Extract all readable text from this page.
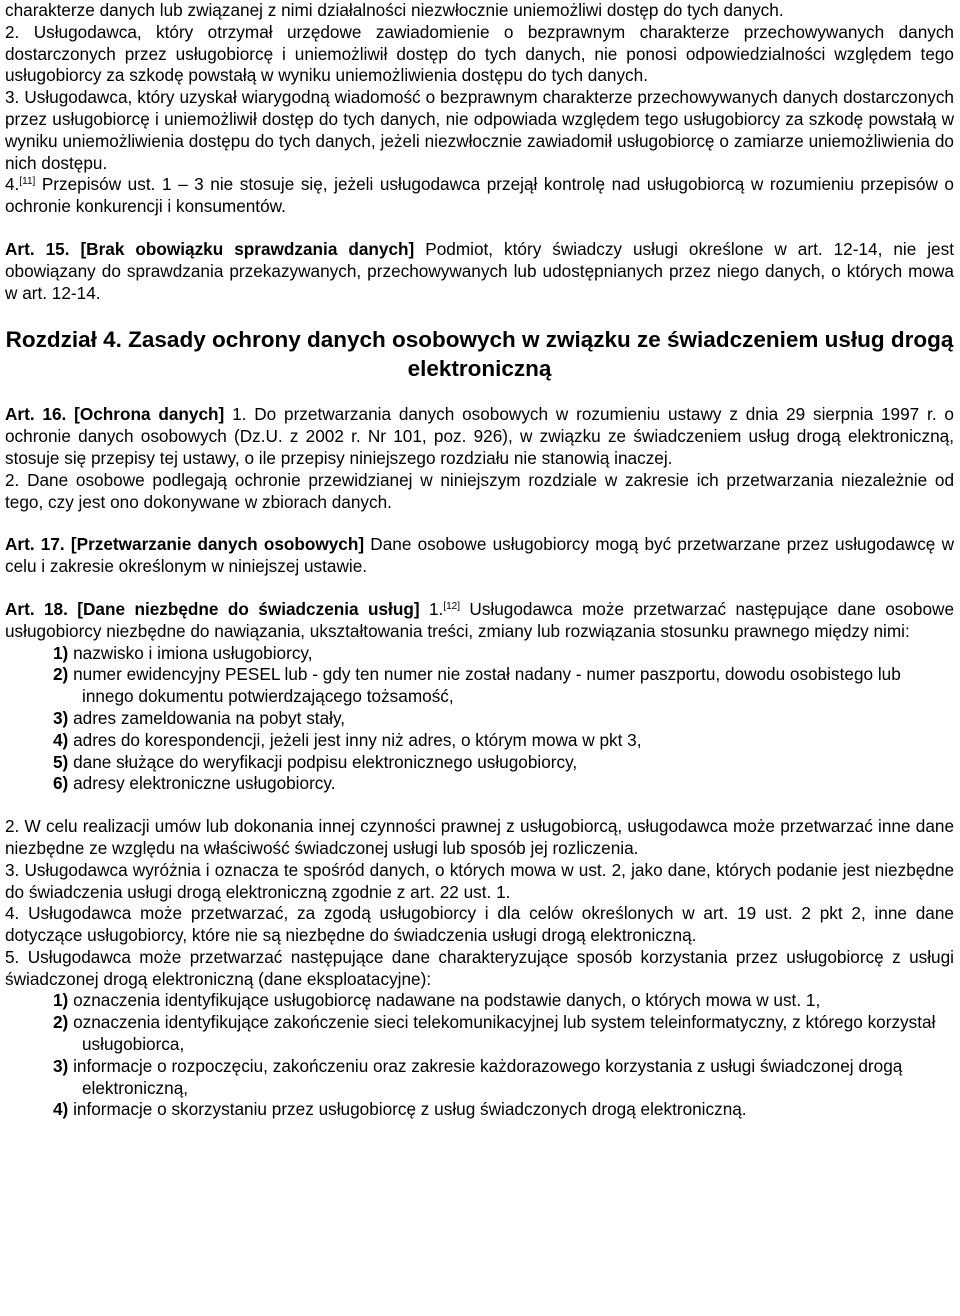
charakterze danych lub związanej z nimi działalności niezwłocznie uniemożliwi dostęp do tych danych.

2. Usługodawca, który otrzymał urzędowe zawiadomienie o bezprawnym charakterze przechowywanych danych dostarczonych przez usługobiorcę i uniemożliwił dostęp do tych danych, nie ponosi odpowiedzialności względem tego usługobiorcy za szkodę powstałą w wyniku uniemożliwienia dostępu do tych danych.

3. Usługodawca, który uzyskał wiarygodną wiadomość o bezprawnym charakterze przechowywanych danych dostarczonych przez usługobiorcę i uniemożliwił dostęp do tych danych, nie odpowiada względem tego usługobiorcy za szkodę powstałą w wyniku uniemożliwienia dostępu do tych danych, jeżeli niezwłocznie zawiadomił usługobiorcę o zamiarze uniemożliwienia do nich dostępu.

4.[11] Przepisów ust. 1 – 3 nie stosuje się, jeżeli usługodawca przejął kontrolę nad usługobiorcą w rozumieniu przepisów o ochronie konkurencji i konsumentów.

Art. 15. [Brak obowiązku sprawdzania danych] Podmiot, który świadczy usługi określone w art. 12-14, nie jest obowiązany do sprawdzania przekazywanych, przechowywanych lub udostępnianych przez niego danych, o których mowa w art. 12-14.

Rozdział 4. Zasady ochrony danych osobowych w związku ze świadczeniem usług drogą elektroniczną

Art. 16. [Ochrona danych] 1. Do przetwarzania danych osobowych w rozumieniu ustawy z dnia 29 sierpnia 1997 r. o ochronie danych osobowych (Dz.U. z 2002 r. Nr 101, poz. 926), w związku ze świadczeniem usług drogą elektroniczną, stosuje się przepisy tej ustawy, o ile przepisy niniejszego rozdziału nie stanowią inaczej.

2. Dane osobowe podlegają ochronie przewidzianej w niniejszym rozdziale w zakresie ich przetwarzania niezależnie od tego, czy jest ono dokonywane w zbiorach danych.

Art. 17. [Przetwarzanie danych osobowych] Dane osobowe usługobiorcy mogą być przetwarzane przez usługodawcę w celu i zakresie określonym w niniejszej ustawie.

Art. 18. [Dane niezbędne do świadczenia usług] 1.[12] Usługodawca może przetwarzać następujące dane osobowe usługobiorcy niezbędne do nawiązania, ukształtowania treści, zmiany lub rozwiązania stosunku prawnego między nimi:

1) nazwisko i imiona usługobiorcy,

2) numer ewidencyjny PESEL lub - gdy ten numer nie został nadany - numer paszportu, dowodu osobistego lub innego dokumentu potwierdzającego tożsamość,

3) adres zameldowania na pobyt stały,

4) adres do korespondencji, jeżeli jest inny niż adres, o którym mowa w pkt 3,

5) dane służące do weryfikacji podpisu elektronicznego usługobiorcy,

6) adresy elektroniczne usługobiorcy.

2. W celu realizacji umów lub dokonania innej czynności prawnej z usługobiorcą, usługodawca może przetwarzać inne dane niezbędne ze względu na właściwość świadczonej usługi lub sposób jej rozliczenia.

3. Usługodawca wyróżnia i oznacza te spośród danych, o których mowa w ust. 2, jako dane, których podanie jest niezbędne do świadczenia usługi drogą elektroniczną zgodnie z art. 22 ust. 1.

4. Usługodawca może przetwarzać, za zgodą usługobiorcy i dla celów określonych w art. 19 ust. 2 pkt 2, inne dane dotyczące usługobiorcy, które nie są niezbędne do świadczenia usługi drogą elektroniczną.

5. Usługodawca może przetwarzać następujące dane charakteryzujące sposób korzystania przez usługobiorcę z usługi świadczonej drogą elektroniczną (dane eksploatacyjne):

1) oznaczenia identyfikujące usługobiorcę nadawane na podstawie danych, o których mowa w ust. 1,

2) oznaczenia identyfikujące zakończenie sieci telekomunikacyjnej lub system teleinformatyczny, z którego korzystał usługobiorca,

3) informacje o rozpoczęciu, zakończeniu oraz zakresie każdorazowego korzystania z usługi świadczonej drogą elektroniczną,

4) informacje o skorzystaniu przez usługobiorcę z usług świadczonych drogą elektroniczną.
